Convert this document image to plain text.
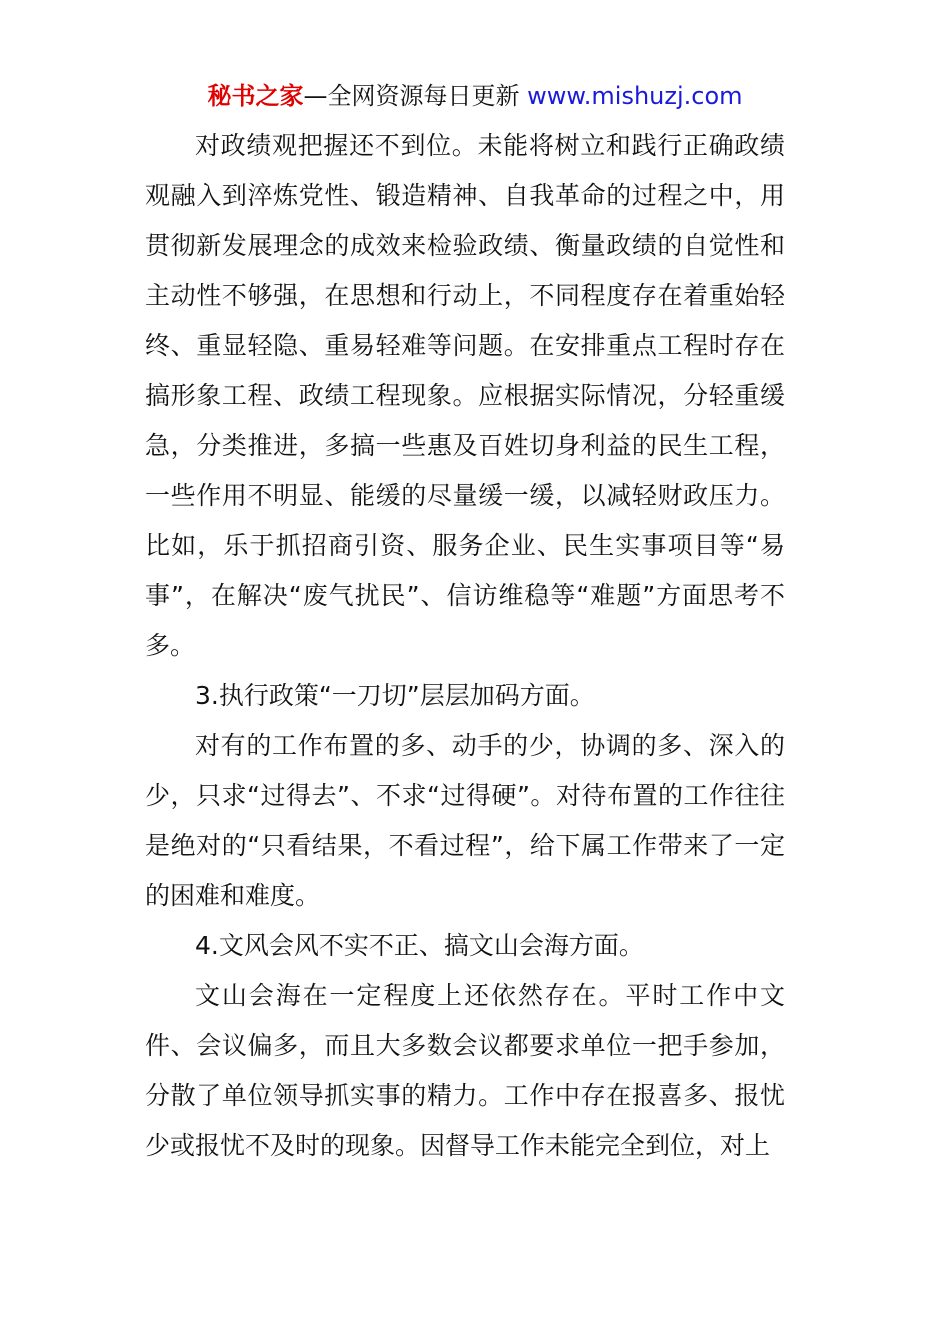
秘书之家—全网资源每日更新 www.mishuzj.com

对政绩观把握还不到位。未能将树立和践行正确政绩观融入到淬炼党性、锻造精神、自我革命的过程之中，用贯彻新发展理念的成效来检验政绩、衡量政绩的自觉性和主动性不够强，在思想和行动上，不同程度存在着重始轻终、重显轻隐、重易轻难等问题。在安排重点工程时存在搞形象工程、政绩工程现象。应根据实际情况，分轻重缓急，分类推进，多搞一些惠及百姓切身利益的民生工程，一些作用不明显、能缓的尽量缓一缓，以减轻财政压力。比如，乐于抓招商引资、服务企业、民生实事项目等“易事”，在解决“废气扰民”、信访维稳等“难题”方面思考不多。

3.执行政策“一刀切”层层加码方面。

对有的工作布置的多、动手的少，协调的多、深入的少，只求“过得去”、不求“过得硬”。对待布置的工作往往是绝对的“只看结果，不看过程”，给下属工作带来了一定的困难和难度。

4.文风会风不实不正、搞文山会海方面。

文山会海在一定程度上还依然存在。平时工作中文件、会议偏多，而且大多数会议都要求单位一把手参加，分散了单位领导抓实事的精力。工作中存在报喜多、报忧少或报忧不及时的现象。因督导工作未能完全到位，对上
